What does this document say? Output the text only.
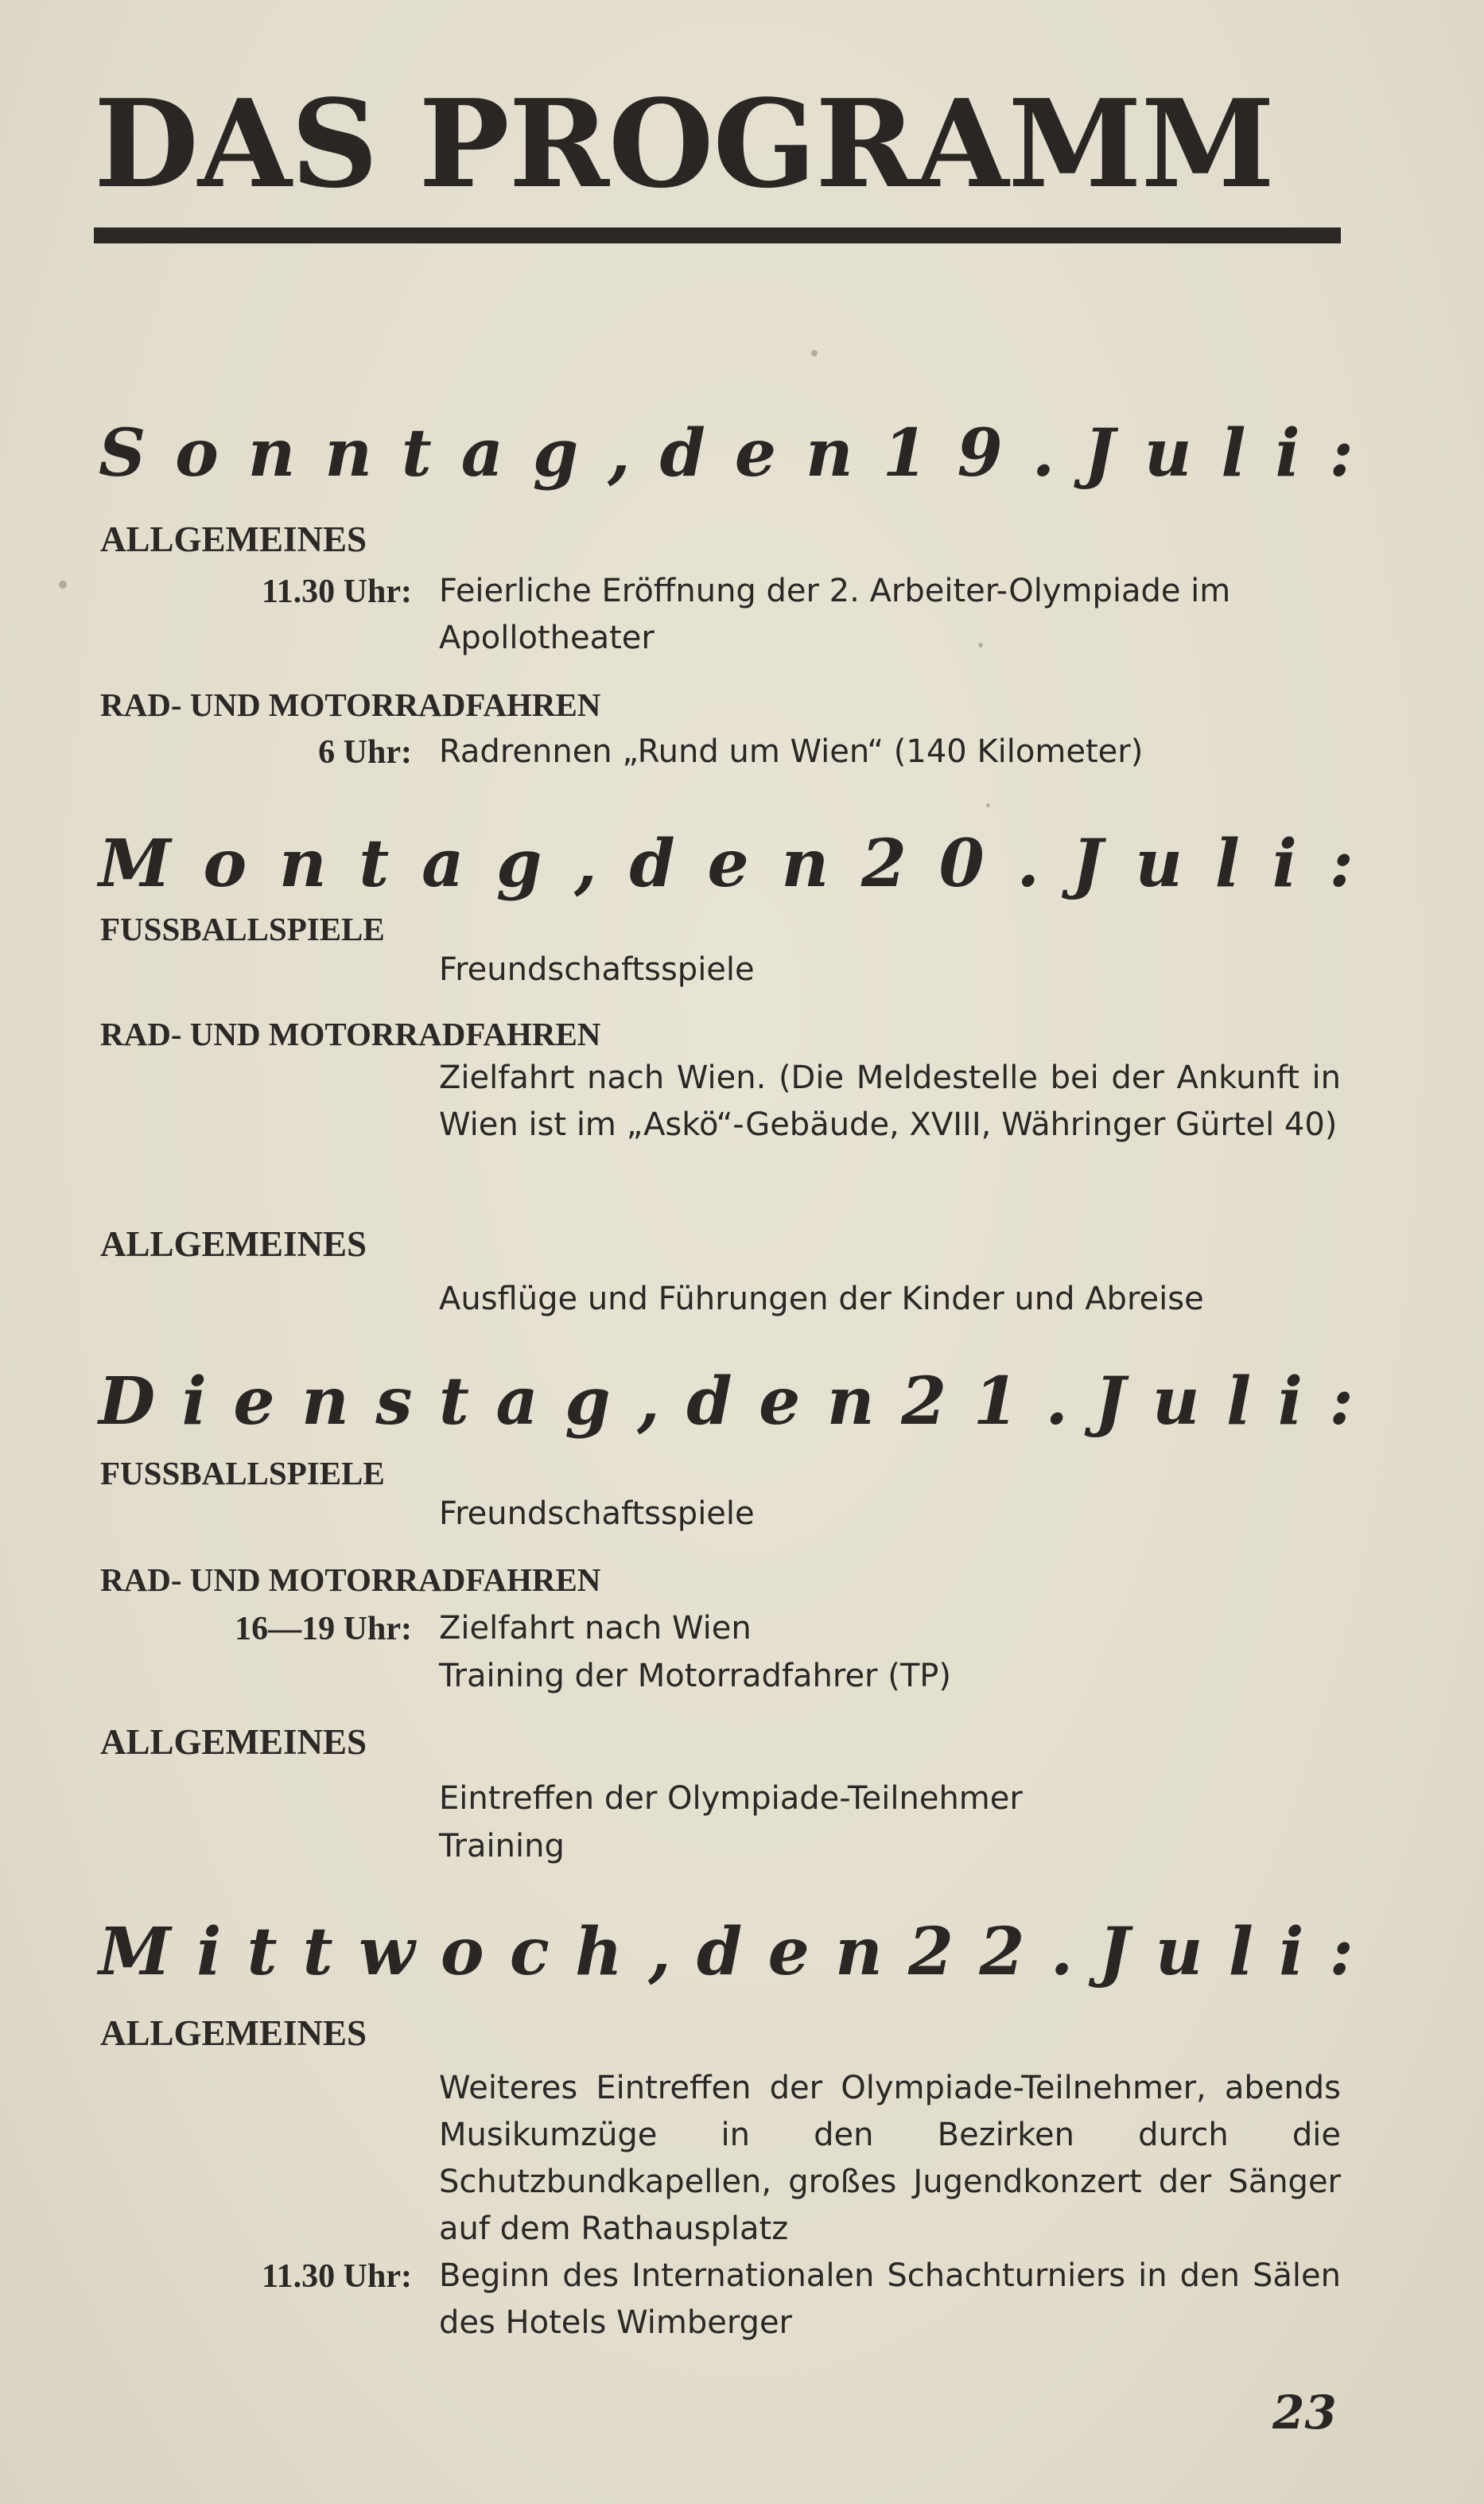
DAS PROGRAMM
S o n n t a g , d e n 1 9 . J u l i :
ALLGEMEINES
11.30 Uhr: Feierliche Eröffnung der 2. Arbeiter-Olympiade im Apollotheater
RAD- UND MOTORRADFAHREN
6 Uhr: Radrennen „Rund um Wien“ (140 Kilometer)
M o n t a g , d e n 2 0 . J u l i :
FUSSBALLSPIELE
Freundschaftsspiele
RAD- UND MOTORRADFAHREN
Zielfahrt nach Wien. (Die Meldestelle bei der Ankunft in Wien ist im „Askö“-Gebäude, XVIII, Währinger Gürtel 40)
ALLGEMEINES
Ausflüge und Führungen der Kinder und Abreise
D i e n s t a g , d e n 2 1 . J u l i :
FUSSBALLSPIELE
Freundschaftsspiele
RAD- UND MOTORRADFAHREN
16—19 Uhr: Zielfahrt nach Wien
Training der Motorradfahrer (TP)
ALLGEMEINES
Eintreffen der Olympiade-Teilnehmer
Training
M i t t w o c h , d e n 2 2 . J u l i :
ALLGEMEINES
Weiteres Eintreffen der Olympiade-Teilnehmer, abends Musikumzüge in den Bezirken durch die Schutzbundkapellen, großes Jugendkonzert der Sänger auf dem Rathausplatz
11.30 Uhr: Beginn des Internationalen Schachturniers in den Sälen des Hotels Wimberger
23
